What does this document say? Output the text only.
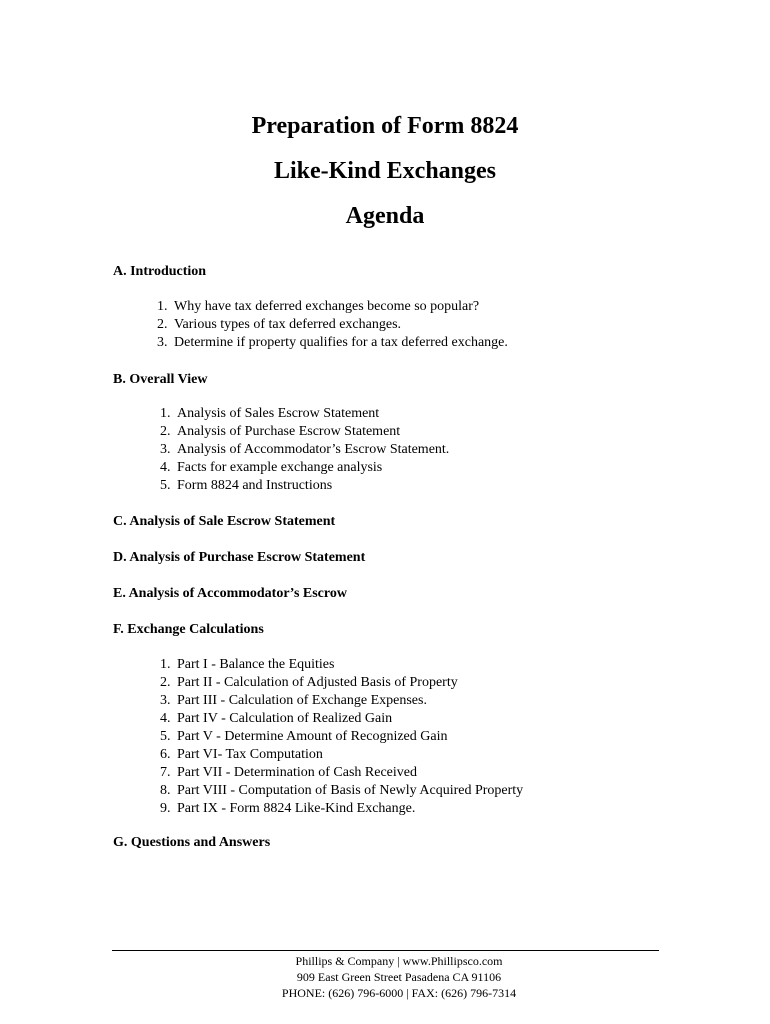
Preparation of Form 8824
Like-Kind Exchanges
Agenda
A. Introduction
1. Why have tax deferred exchanges become so popular?
2. Various types of tax deferred exchanges.
3. Determine if property qualifies for a tax deferred exchange.
B. Overall View
1. Analysis of Sales Escrow Statement
2. Analysis of Purchase Escrow Statement
3. Analysis of Accommodator’s Escrow Statement.
4. Facts for example exchange analysis
5. Form 8824 and Instructions
C. Analysis of Sale Escrow Statement
D. Analysis of Purchase Escrow Statement
E. Analysis of Accommodator’s Escrow
F. Exchange Calculations
1. Part I - Balance the Equities
2. Part II - Calculation of Adjusted Basis of Property
3. Part III - Calculation of Exchange Expenses.
4. Part IV - Calculation of Realized Gain
5. Part V - Determine Amount of Recognized Gain
6. Part VI- Tax Computation
7. Part VII - Determination of Cash Received
8. Part VIII - Computation of Basis of Newly Acquired Property
9. Part IX - Form 8824 Like-Kind Exchange.
G. Questions and Answers
Phillips & Company | www.Phillipsco.com
909 East Green Street Pasadena CA 91106
PHONE: (626) 796-6000 | FAX: (626) 796-7314
